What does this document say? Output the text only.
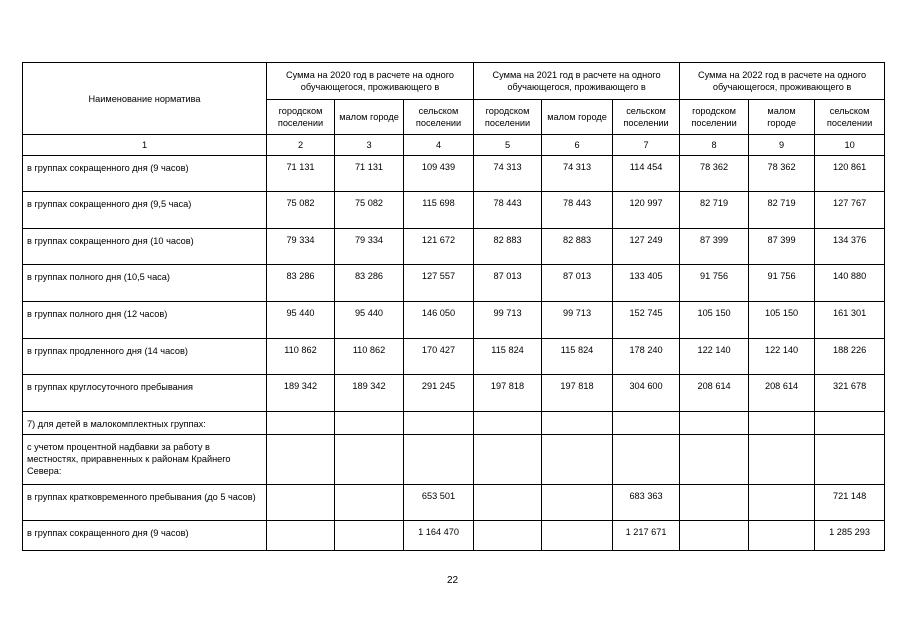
Наименование норматива	Сумма на 2020 год в расчете на одного обучающегося, проживающего в			Сумма на 2021 год в расчете на одного обучающегося, проживающего в			Сумма на 2022 год в расчете на одного обучающегося, проживающего в		
	городском поселении	малом городе	сельском поселении	городском поселении	малом городе	сельском поселении	городском поселении	малом городе	сельском поселении
1	2	3	4	5	6	7	8	9	10
в группах сокращенного дня (9 часов)	71 131	71 131	109 439	74 313	74 313	114 454	78 362	78 362	120 861
в группах сокращенного дня (9,5 часа)	75 082	75 082	115 698	78 443	78 443	120 997	82 719	82 719	127 767
в группах сокращенного дня (10 часов)	79 334	79 334	121 672	82 883	82 883	127 249	87 399	87 399	134 376
в группах полного дня (10,5 часа)	83 286	83 286	127 557	87 013	87 013	133 405	91 756	91 756	140 880
в группах полного дня (12 часов)	95 440	95 440	146 050	99 713	99 713	152 745	105 150	105 150	161 301
в группах продленного дня (14 часов)	110 862	110 862	170 427	115 824	115 824	178 240	122 140	122 140	188 226
в группах круглосуточного пребывания	189 342	189 342	291 245	197 818	197 818	304 600	208 614	208 614	321 678
7) для детей в малокомплектных группах:									
с учетом процентной надбавки за работу в местностях, приравненных к районам Крайнего Севера:									
в группах кратковременного пребывания (до 5 часов)			653 501			683 363			721 148
в группах сокращенного дня (9 часов)			1 164 470			1 217 671			1 285 293
22
